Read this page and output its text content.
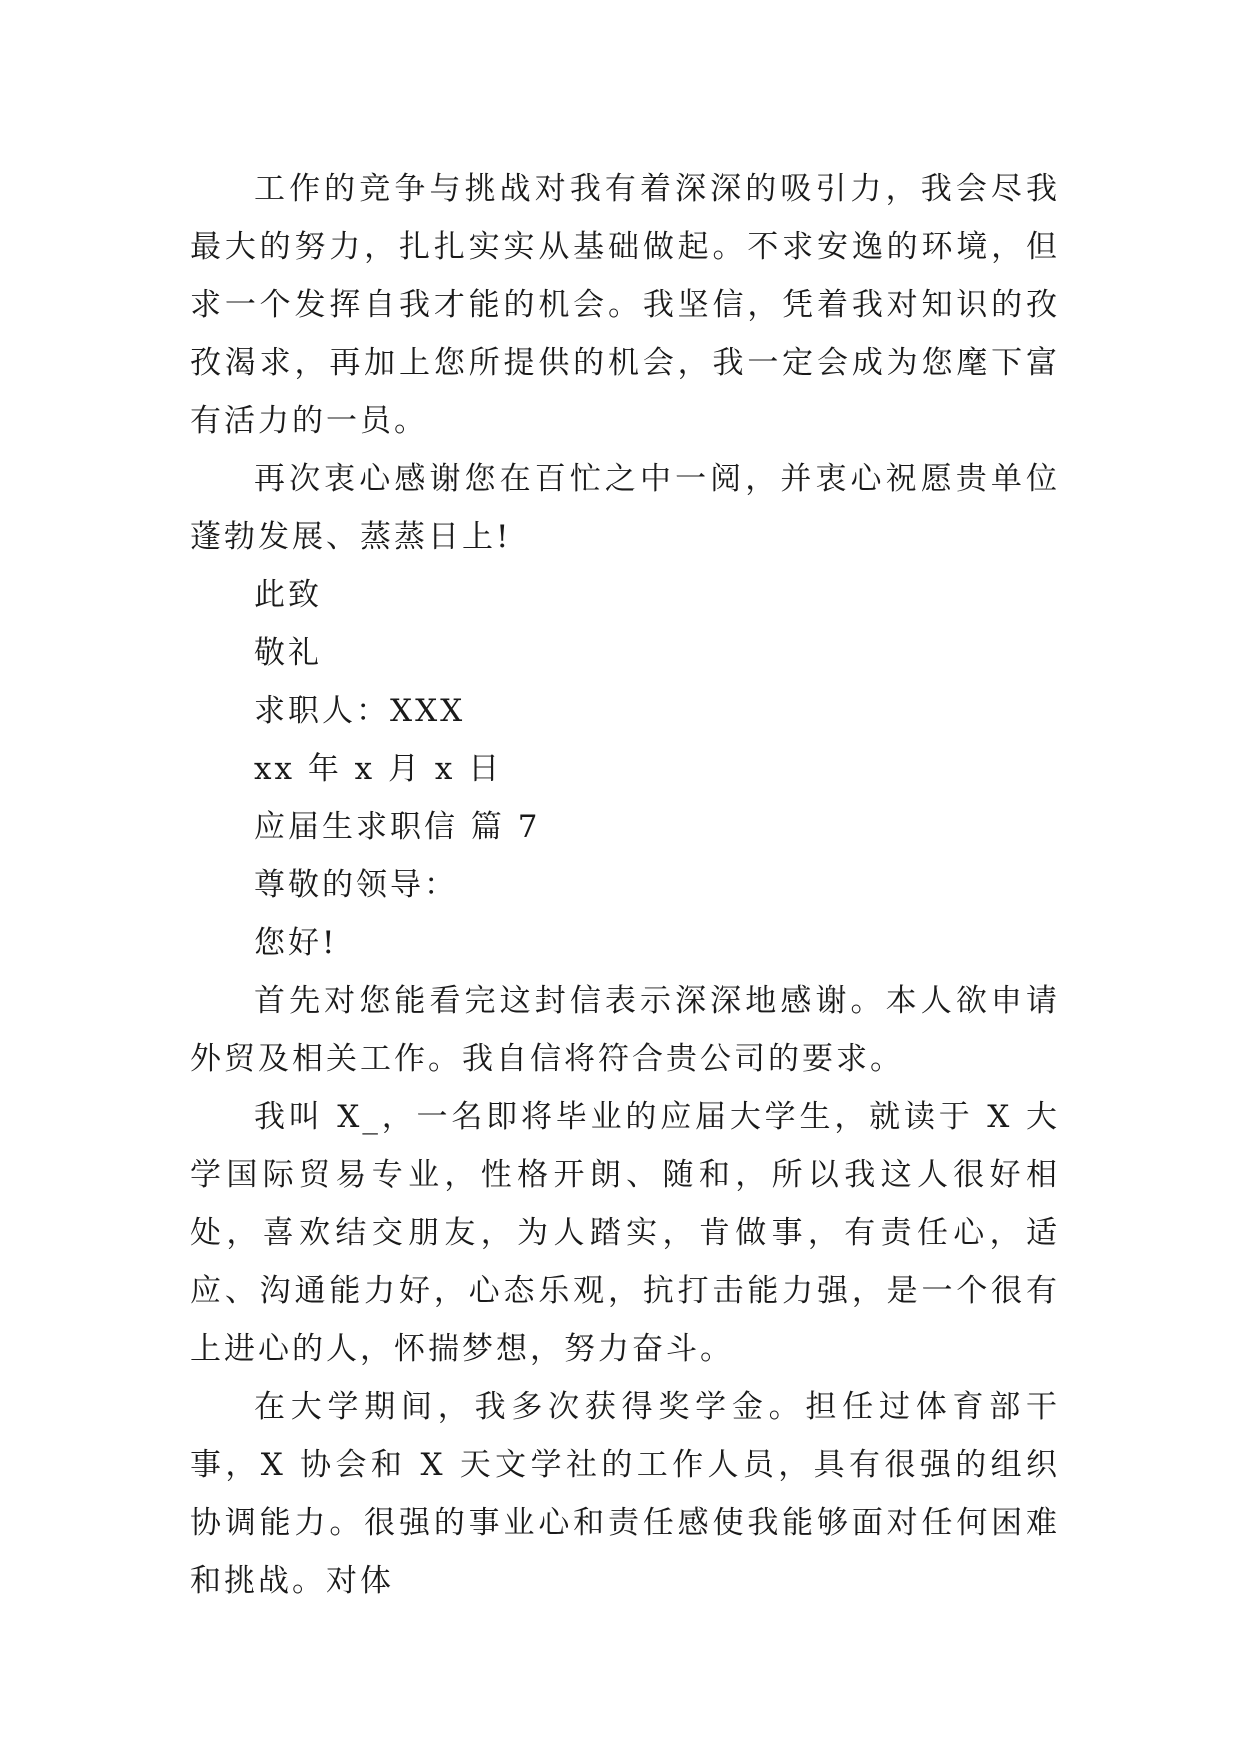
工作的竞争与挑战对我有着深深的吸引力，我会尽我最大的努力，扎扎实实从基础做起。不求安逸的环境，但求一个发挥自我才能的机会。我坚信，凭着我对知识的孜孜渴求，再加上您所提供的机会，我一定会成为您麾下富有活力的一员。

再次衷心感谢您在百忙之中一阅，并衷心祝愿贵单位蓬勃发展、蒸蒸日上!

此致

敬礼

求职人：XXX

xx 年 x 月 x 日

应届生求职信 篇 7

尊敬的领导：

您好!

首先对您能看完这封信表示深深地感谢。本人欲申请外贸及相关工作。我自信将符合贵公司的要求。

我叫 X_，一名即将毕业的应届大学生，就读于 X 大学国际贸易专业，性格开朗、随和，所以我这人很好相处，喜欢结交朋友，为人踏实，肯做事，有责任心，适应、沟通能力好，心态乐观，抗打击能力强，是一个很有上进心的人，怀揣梦想，努力奋斗。

在大学期间，我多次获得奖学金。担任过体育部干事，X 协会和 X 天文学社的工作人员，具有很强的组织协调能力。很强的事业心和责任感使我能够面对任何困难和挑战。对体
